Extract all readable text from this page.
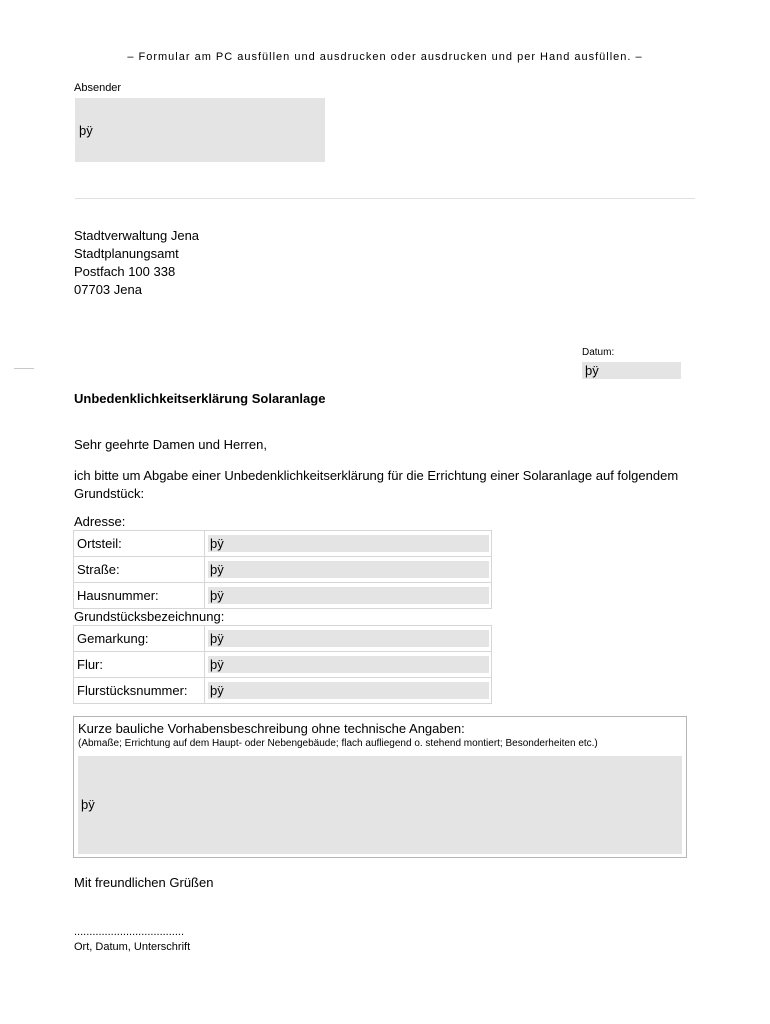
– Formular am PC ausfüllen und ausdrucken oder ausdrucken und per Hand ausfüllen. –
Absender
þÿ
Stadtverwaltung Jena
Stadtplanungsamt
Postfach 100 338
07703 Jena
Datum:
þÿ
Unbedenklichkeitserklärung Solaranlage
Sehr geehrte Damen und Herren,
ich bitte um Abgabe einer Unbedenklichkeitserklärung für die Errichtung einer Solaranlage auf folgendem Grundstück:
Adresse:
Ortsteil:	þÿ

Straße:	þÿ

Hausnummer:	þÿ
Grundstücksbezeichnung:
Gemarkung:	þÿ

Flur:	þÿ

Flurstücksnummer:	þÿ
Kurze bauliche Vorhabensbeschreibung ohne technische Angaben:
(Abmaße; Errichtung auf dem Haupt- oder Nebengebäude; flach aufliegend o. stehend montiert; Besonderheiten etc.)
þÿ
Mit freundlichen Grüßen
....................................
Ort, Datum, Unterschrift
